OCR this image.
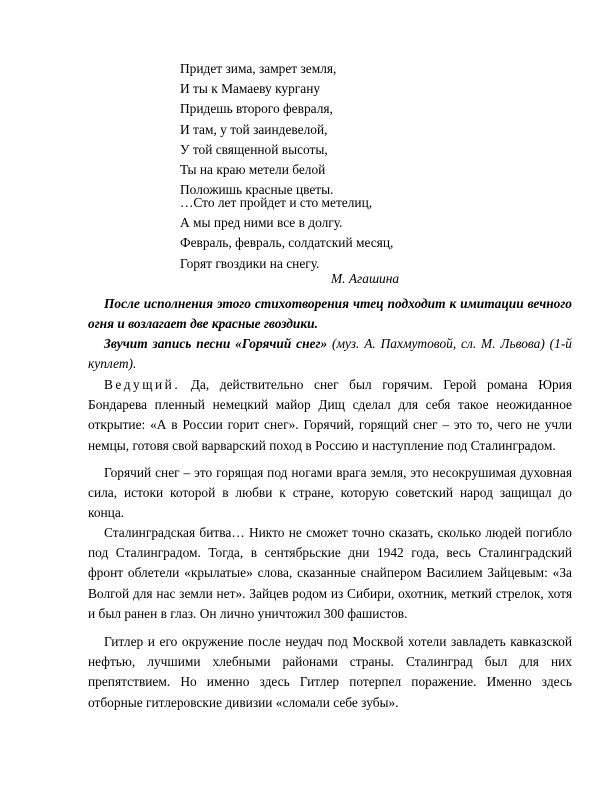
Придет зима, замрет земля,
И ты к Мамаеву кургану
Придешь второго февраля,
И там, у той заиндевелой,
У той священной высоты,
Ты на краю метели белой
Положишь красные цветы.
…Сто лет пройдет и сто метелиц,
А мы пред ними все в долгу.
Февраль, февраль, солдатский месяц,
Горят гвоздики на снегу.
М. Агашина

После исполнения этого стихотворения чтец подходит к имитации вечного огня и возлагает две красные гвоздики.

Звучит запись песни «Горячий снег» (муз. А. Пахмутовой, сл. М. Львова) (1-й куплет).

Ведущий. Да, действительно снег был горячим. Герой романа Юрия Бондарева пленный немецкий майор Дищ сделал для себя такое неожиданное открытие: «А в России горит снег». Горячий, горящий снег – это то, чего не учли немцы, готовя свой варварский поход в Россию и наступление под Сталинградом.

Горячий снег – это горящая под ногами врага земля, это несокрушимая духовная сила, истоки которой в любви к стране, которую советский народ защищал до конца.

Сталинградская битва… Никто не сможет точно сказать, сколько людей погибло под Сталинградом. Тогда, в сентябрьские дни 1942 года, весь Сталинградский фронт облетели «крылатые» слова, сказанные снайпером Василием Зайцевым: «За Волгой для нас земли нет». Зайцев родом из Сибири, охотник, меткий стрелок, хотя и был ранен в глаз. Он лично уничтожил 300 фашистов.

Гитлер и его окружение после неудач под Москвой хотели завладеть кавказской нефтью, лучшими хлебными районами страны. Сталинград был для них препятствием. Но именно здесь Гитлер потерпел поражение. Именно здесь отборные гитлеровские дивизии «сломали себе зубы».
